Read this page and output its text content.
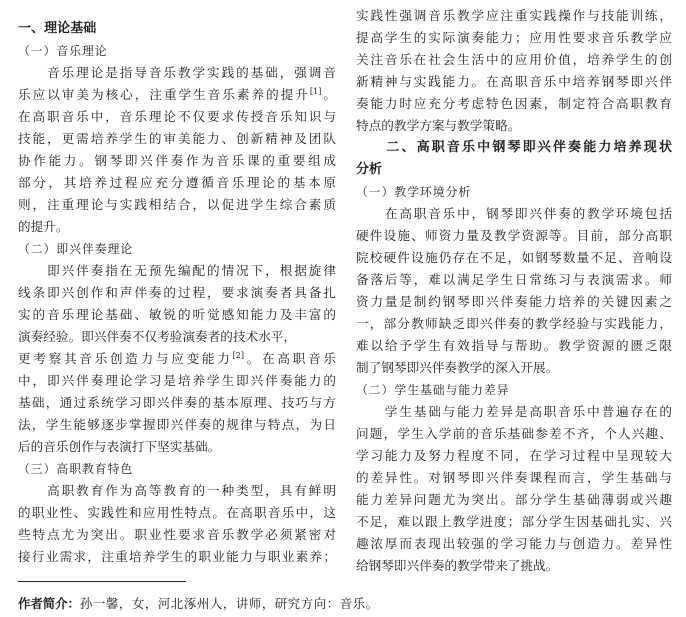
一、理论基础
（一）音乐理论
　　音乐理论是指导音乐教学实践的基础，强调音
乐应以审美为核心，注重学生音乐素养的提升[1]。
在高职音乐中，音乐理论不仅要求传授音乐知识与
技能，更需培养学生的审美能力、创新精神及团队
协作能力。钢琴即兴伴奏作为音乐课的重要组成
部分，其培养过程应充分遵循音乐理论的基本原
则，注重理论与实践相结合，以促进学生综合素质
的提升。
（二）即兴伴奏理论
　　即兴伴奏指在无预先编配的情况下，根据旋律
线条即兴创作和声伴奏的过程，要求演奏者具备扎
实的音乐理论基础、敏锐的听觉感知能力及丰富的
演奏经验。即兴伴奏不仅考验演奏者的技术水平，
更考察其音乐创造力与应变能力[2]。在高职音乐
中，即兴伴奏理论学习是培养学生即兴伴奏能力的
基础，通过系统学习即兴伴奏的基本原理、技巧与方
法，学生能够逐步掌握即兴伴奏的规律与特点，为日
后的音乐创作与表演打下坚实基础。
（三）高职教育特色
　　高职教育作为高等教育的一种类型，具有鲜明
的职业性、实践性和应用性特点。在高职音乐中，这
些特点尤为突出。职业性要求音乐教学必须紧密对
接行业需求，注重培养学生的职业能力与职业素养；
实践性强调音乐教学应注重实践操作与技能训练，
提高学生的实际演奏能力；应用性要求音乐教学应
关注音乐在社会生活中的应用价值，培养学生的创
新精神与实践能力。在高职音乐中培养钢琴即兴伴
奏能力时应充分考虑特色因素，制定符合高职教育
特点的教学方案与教学策略。
　　二、高职音乐中钢琴即兴伴奏能力培养现状
分析
（一）教学环境分析
　　在高职音乐中，钢琴即兴伴奏的教学环境包括
硬件设施、师资力量及教学资源等。目前，部分高职
院校硬件设施仍存在不足，如钢琴数量不足、音响设
备落后等，难以满足学生日常练习与表演需求。师
资力量是制约钢琴即兴伴奏能力培养的关键因素之
一，部分教师缺乏即兴伴奏的教学经验与实践能力，
难以给予学生有效指导与帮助。教学资源的匮乏限
制了钢琴即兴伴奏教学的深入开展。
（二）学生基础与能力差异
　　学生基础与能力差异是高职音乐中普遍存在的
问题，学生入学前的音乐基础参差不齐，个人兴趣、
学习能力及努力程度不同，在学习过程中呈现较大
的差异性。对钢琴即兴伴奏课程而言，学生基础与
能力差异问题尤为突出。部分学生基础薄弱或兴趣
不足，难以跟上教学进度；部分学生因基础扎实、兴
趣浓厚而表现出较强的学习能力与创造力。差异性
给钢琴即兴伴奏的教学带来了挑战。
作者简介：孙一馨，女，河北涿州人，讲师，研究方向：音乐。
